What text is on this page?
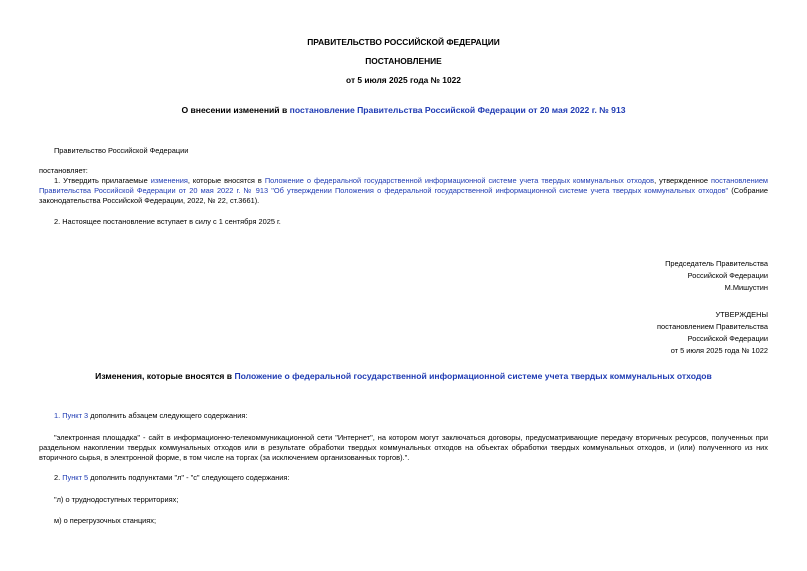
ПРАВИТЕЛЬСТВО РОССИЙСКОЙ ФЕДЕРАЦИИ
ПОСТАНОВЛЕНИЕ
от 5 июля 2025 года № 1022
О внесении изменений в постановление Правительства Российской Федерации от 20 мая 2022 г. № 913
Правительство Российской Федерации
постановляет:
1. Утвердить прилагаемые изменения, которые вносятся в Положение о федеральной государственной информационной системе учета твердых коммунальных отходов, утвержденное постановлением Правительства Российской Федерации от 20 мая 2022 г. № 913 "Об утверждении Положения о федеральной государственной информационной системе учета твердых коммунальных отходов" (Собрание законодательства Российской Федерации, 2022, № 22, ст.3661).
2. Настоящее постановление вступает в силу с 1 сентября 2025 г.
Председатель Правительства
Российской Федерации
М.Мишустин
УТВЕРЖДЕНЫ
постановлением Правительства
Российской Федерации
от 5 июля 2025 года № 1022
Изменения, которые вносятся в Положение о федеральной государственной информационной системе учета твердых коммунальных отходов
1. Пункт 3 дополнить абзацем следующего содержания:
"электронная площадка" - сайт в информационно-телекоммуникационной сети "Интернет", на котором могут заключаться договоры, предусматривающие передачу вторичных ресурсов, полученных при раздельном накоплении твердых коммунальных отходов или в результате обработки твердых коммунальных отходов на объектах обработки твердых коммунальных отходов, и (или) полученного из них вторичного сырья, в электронной форме, в том числе на торгах (за исключением организованных торгов).".
2. Пункт 5 дополнить подпунктами "л" - "с" следующего содержания:
"л) о труднодоступных территориях;
м) о перегрузочных станциях;
